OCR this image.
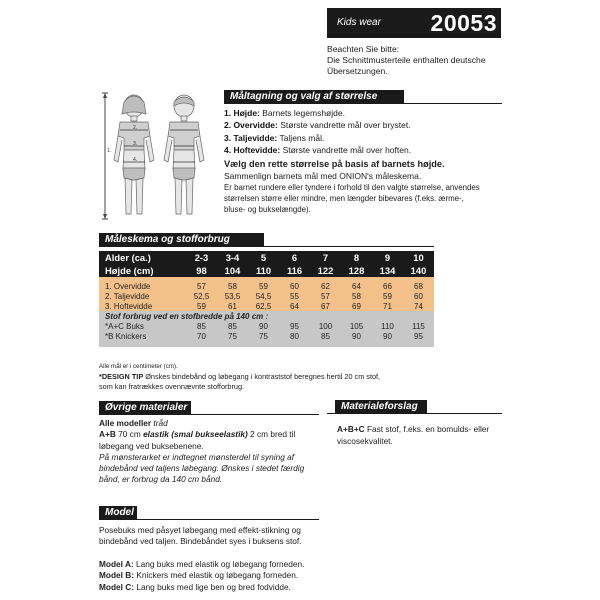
Kids wear 20053
Beachten Sie bitte:
Die Schnittmusterteile enthalten deutsche
Übersetzungen.
Måltagning og valg af størrelse
1.
2.
3.
4.
1. Højde: Barnets legemshøjde.
2. Overvidde: Største vandrette mål over brystet.
3. Taljevidde: Taljens mål.
4. Hoftevidde: Største vandrette mål over hoften.
Vælg den rette størrelse på basis af barnets højde.
Sammenlign barnets mål med ONION's måleskema.
Er barnet rundere eller tyndere i forhold til den valgte størrelse, anvendes
størrelsen større eller mindre, men længder bibevares (f.eks. ærme-,
bluse- og bukselængde).
Måleskema og stofforbrug
Alder (ca.)	2-3	3-4	5	6	7	8	9	10
Højde (cm)	98	104	110	116	122	128	134	140

1. Overvidde	57	58	59	60	62	64	66	68
2. Taljevidde	52,5	53,5	54,5	55	57	58	59	60
3. Hoftevidde	59	61	62,5	64	67	69	71	74
Stof forbrug ved en stofbredde på 140 cm :								
*A+C Buks	85	85	90	95	100	105	110	115
*B Knickers	70	75	75	80	85	90	90	95

Alle mål er i centimeter (cm).
*DESIGN TIP Ønskes bindebånd og løbegang i kontraststof beregnes hertil 20 cm stof,
som kan fratrækkes ovennævnte stofforbrug.
Øvrige materialer
Alle modeller tråd
A+B 70 cm elastik (smal bukseelastik) 2 cm bred til
løbegang ved buksebenene.
På mønsterarket er indtegnet mønsterdel til syning af
bindebånd ved taljens løbegang. Ønskes i stedet færdig
bånd, er forbrug da 140 cm bånd.
Materialeforslag
A+B+C Fast stof, f.eks. en bomulds- eller
viscosekvalitet.
Model
Posebuks med påsyet løbegang med effekt-stikning og
bindebånd ved taljen. Bindebåndet syes i buksens stof.
Model A: Lang buks med elastik og løbegang forneden.
Model B: Knickers med elastik og løbegang forneden.
Model C: Lang buks med lige ben og bred fodvidde.
